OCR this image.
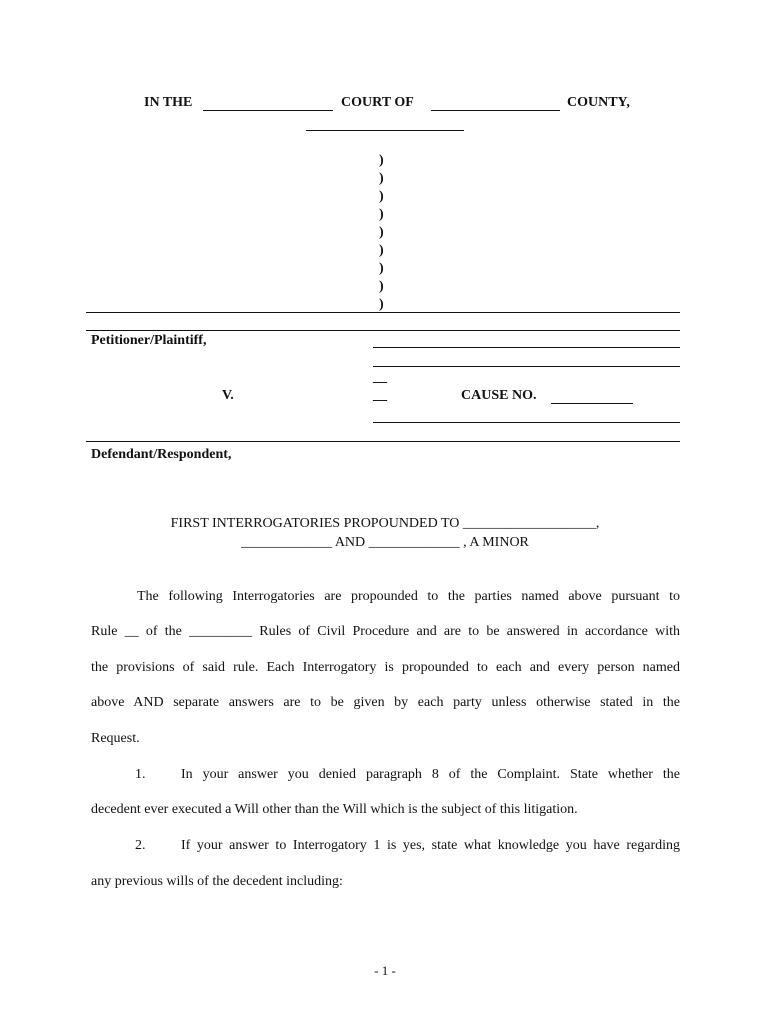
IN THE	COURT OF	COUNTY,
)
)
)
)
)
)
)
)
)
Petitioner/Plaintiff,
__
V.	__	CAUSE NO.
Defendant/Respondent,
FIRST INTERROGATORIES PROPOUNDED TO ___________________,
_____________ AND _____________ , A MINOR
The following Interrogatories are propounded to the parties named above pursuant to
Rule __ of the _________ Rules of Civil Procedure and are to be answered in accordance with
the provisions of said rule. Each Interrogatory is propounded to each and every person named
above AND separate answers are to be given by each party unless otherwise stated in the
Request.
1.	In your answer you denied paragraph 8 of the Complaint. State whether the
decedent ever executed a Will other than the Will which is the subject of this litigation.
2.	If your answer to Interrogatory 1 is yes, state what knowledge you have regarding
any previous wills of the decedent including:
- 1 -
